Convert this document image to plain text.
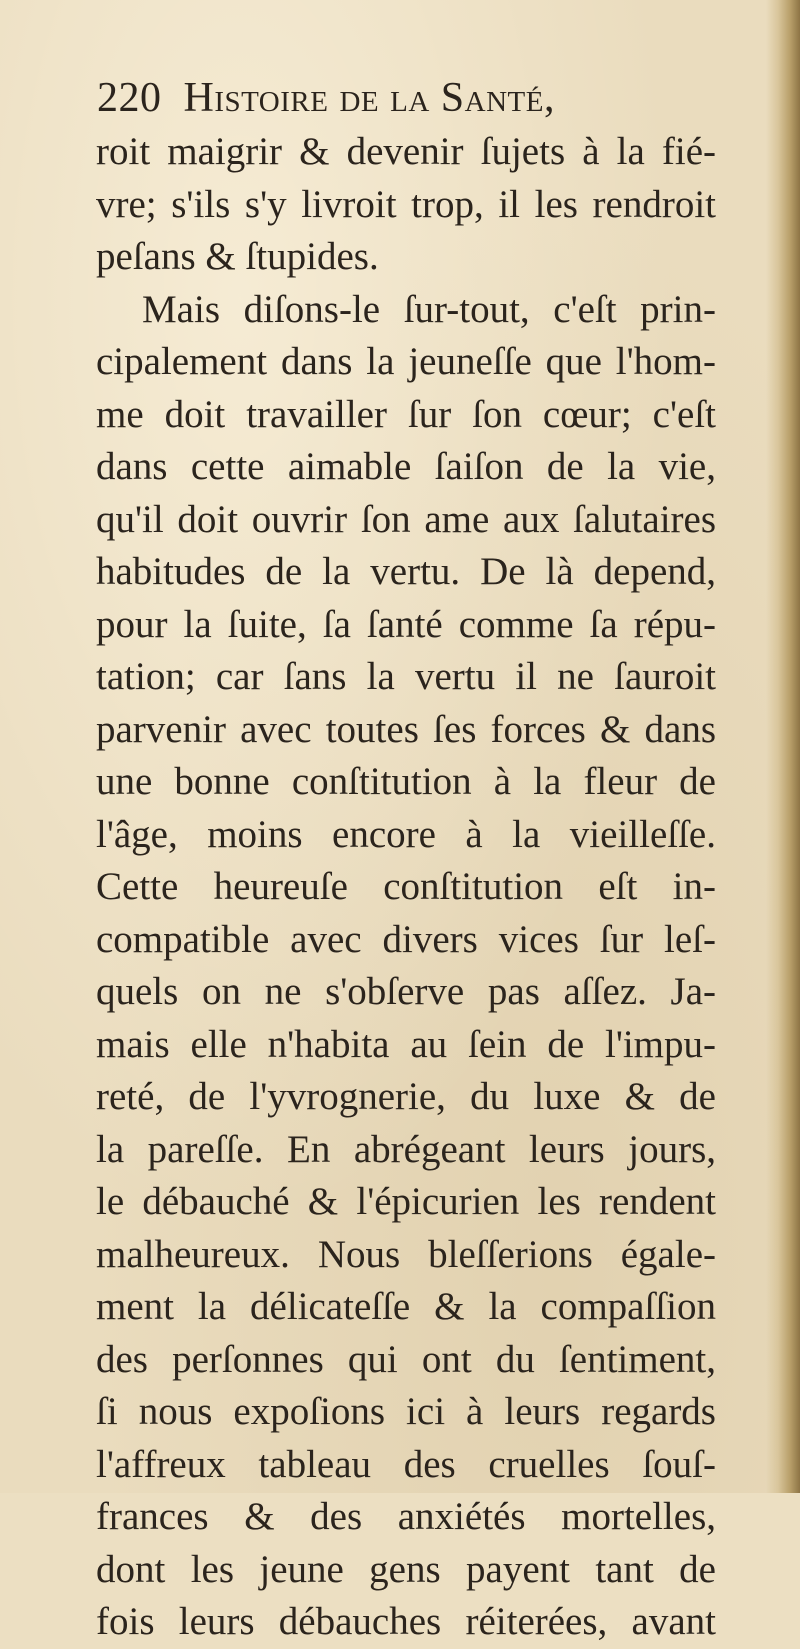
220 Histoire de la Santé,
roit maigrir & devenir ſujets à la fié-
vre; s'ils s'y livroit trop, il les rendroit
peſans & ſtupides.
Mais diſons-le ſur-tout, c'eſt prin-
cipalement dans la jeuneſſe que l'hom-
me doit travailler ſur ſon cœur; c'eſt
dans cette aimable ſaiſon de la vie,
qu'il doit ouvrir ſon ame aux ſalutaires
habitudes de la vertu. De là depend,
pour la ſuite, ſa ſanté comme ſa répu-
tation; car ſans la vertu il ne ſauroit
parvenir avec toutes ſes forces & dans
une bonne conſtitution à la fleur de
l'âge, moins encore à la vieilleſſe.
Cette heureuſe conſtitution eſt in-
compatible avec divers vices ſur leſ-
quels on ne s'obſerve pas aſſez. Ja-
mais elle n'habita au ſein de l'impu-
reté, de l'yvrognerie, du luxe & de
la pareſſe. En abrégeant leurs jours,
le débauché & l'épicurien les rendent
malheureux. Nous bleſſerions égale-
ment la délicateſſe & la compaſſion
des perſonnes qui ont du ſentiment,
ſi nous expoſions ici à leurs regards
l'affreux tableau des cruelles ſouſ-
frances & des anxiétés mortelles,
dont les jeune gens payent tant de
fois leurs débauches réiterées, avant
